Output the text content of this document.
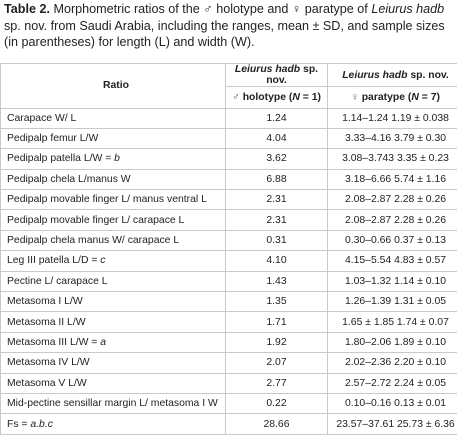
Table 2. Morphometric ratios of the ♂ holotype and ♀ paratype of Leiurus hadb sp. nov. from Saudi Arabia, including the ranges, mean ± SD, and sample sizes (in parentheses) for length (L) and width (W).
Ratio	Leiurus hadb sp. nov.	Leiurus hadb sp. nov.
	♂ holotype (N = 1)	♀ paratype (N = 7)
Carapace W/ L	1.24	1.14–1.24 1.19 ± 0.038
Pedipalp femur L/W	4.04	3.33–4.16 3.79 ± 0.30
Pedipalp patella L/W = b	3.62	3.08–3.743 3.35 ± 0.23
Pedipalp chela L/manus W	6.88	3.18–6.66 5.74 ± 1.16
Pedipalp movable finger L/ manus ventral L	2.31	2.08–2.87 2.28 ± 0.26
Pedipalp movable finger L/ carapace L	2.31	2.08–2.87 2.28 ± 0.26
Pedipalp chela manus W/ carapace L	0.31	0.30–0.66 0.37 ± 0.13
Leg III patella L/D = c	4.10	4.15–5.54 4.83 ± 0.57
Pectine L/ carapace L	1.43	1.03–1.32 1.14 ± 0.10
Metasoma I L/W	1.35	1.26–1.39 1.31 ± 0.05
Metasoma II L/W	1.71	1.65 ± 1.85 1.74 ± 0.07
Metasoma III L/W = a	1.92	1.80–2.06 1.89 ± 0.10
Metasoma IV L/W	2.07	2.02–2.36 2.20 ± 0.10
Metasoma V L/W	2.77	2.57–2.72 2.24 ± 0.05
Mid-pectine sensillar margin L/ metasoma I W	0.22	0.10–0.16 0.13 ± 0.01
Fs = a.b.c	28.66	23.57–37.61 25.73 ± 6.36
